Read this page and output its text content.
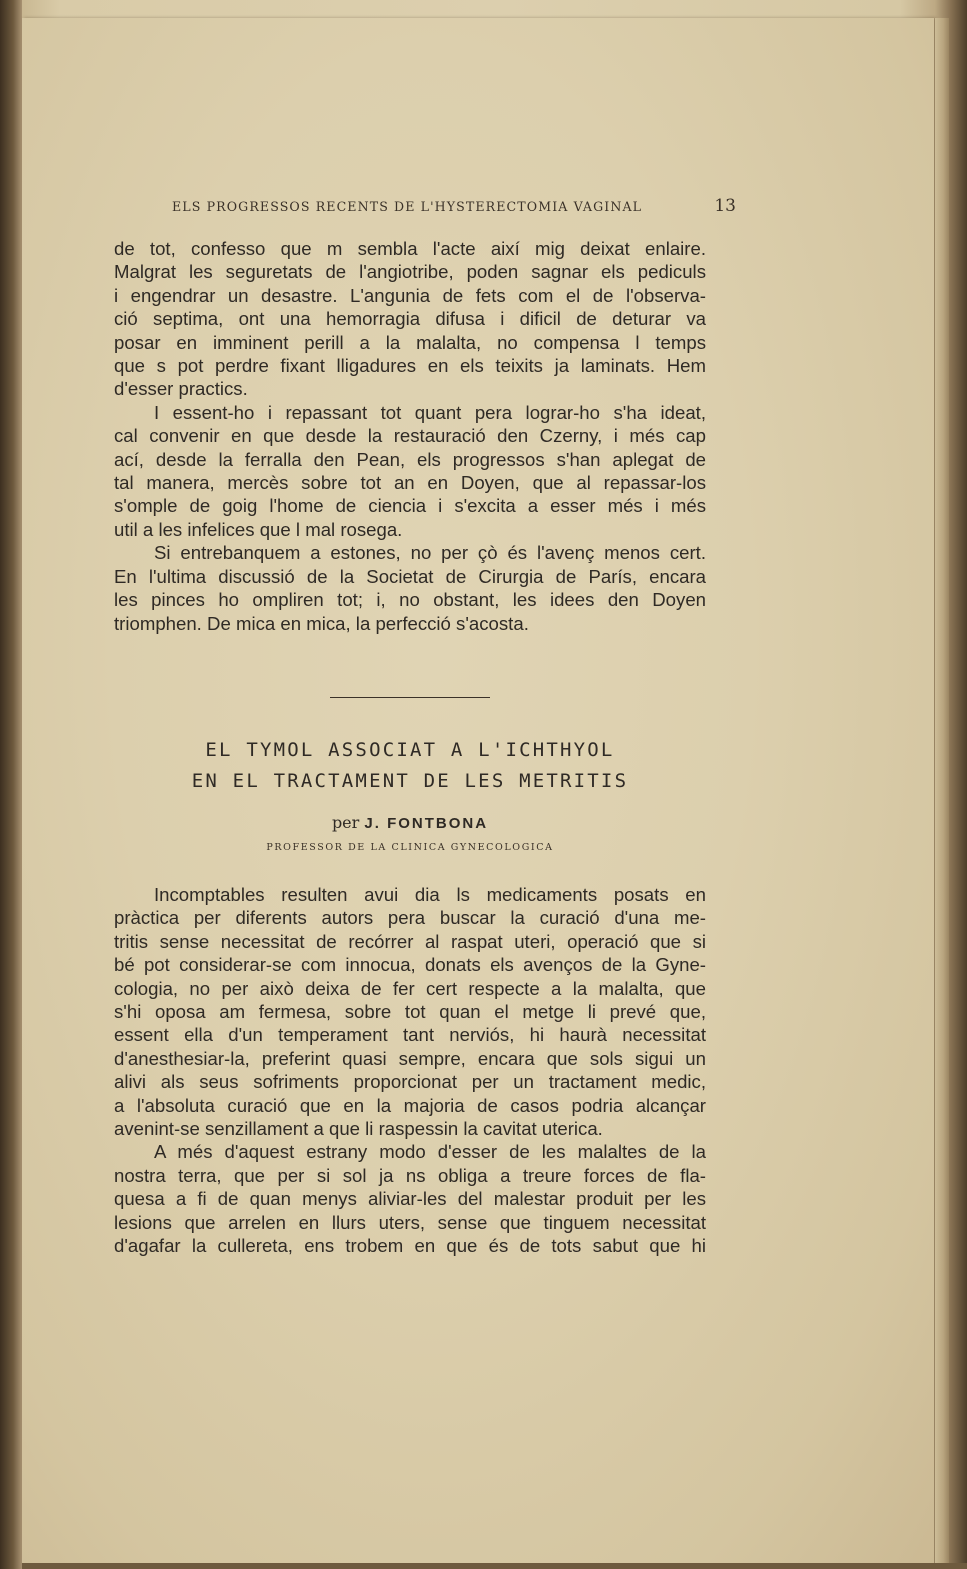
ELS PROGRESSOS RECENTS DE L'HYSTERECTOMIA VAGINAL	13
de tot, confesso que m sembla l'acte així mig deixat enlaire.
Malgrat les seguretats de l'angiotribe, poden sagnar els pediculs
i engendrar un desastre. L'angunia de fets com el de l'observa-
ció septima, ont una hemorragia difusa i dificil de deturar va
posar en imminent perill a la malalta, no compensa l temps
que s pot perdre fixant lligadures en els teixits ja laminats. Hem
d'esser practics.
I essent-ho i repassant tot quant pera lograr-ho s'ha ideat,
cal convenir en que desde la restauració den Czerny, i més cap
ací, desde la ferralla den Pean, els progressos s'han aplegat de
tal manera, mercès sobre tot an en Doyen, que al repassar-los
s'omple de goig l'home de ciencia i s'excita a esser més i més
util a les infelices que l mal rosega.
Si entrebanquem a estones, no per çò és l'avenç menos cert.
En l'ultima discussió de la Societat de Cirurgia de París, encara
les pinces ho ompliren tot; i, no obstant, les idees den Doyen
triomphen. De mica en mica, la perfecció s'acosta.
EL TYMOL ASSOCIAT A L'ICHTHYOL
EN EL TRACTAMENT DE LES METRITIS
per J. FONTBONA
PROFESSOR DE LA CLINICA GYNECOLOGICA
Incomptables resulten avui dia ls medicaments posats en
pràctica per diferents autors pera buscar la curació d'una me-
tritis sense necessitat de recórrer al raspat uteri, operació que si
bé pot considerar-se com innocua, donats els avenços de la Gyne-
cologia, no per això deixa de fer cert respecte a la malalta, que
s'hi oposa am fermesa, sobre tot quan el metge li prevé que,
essent ella d'un temperament tant nerviós, hi haurà necessitat
d'anesthesiar-la, preferint quasi sempre, encara que sols sigui un
alivi als seus sofriments proporcionat per un tractament medic,
a l'absoluta curació que en la majoria de casos podria alcançar
avenint-se senzillament a que li raspessin la cavitat uterica.
A més d'aquest estrany modo d'esser de les malaltes de la
nostra terra, que per si sol ja ns obliga a treure forces de fla-
quesa a fi de quan menys aliviar-les del malestar produit per les
lesions que arrelen en llurs uters, sense que tinguem necessitat
d'agafar la cullereta, ens trobem en que és de tots sabut que hi
